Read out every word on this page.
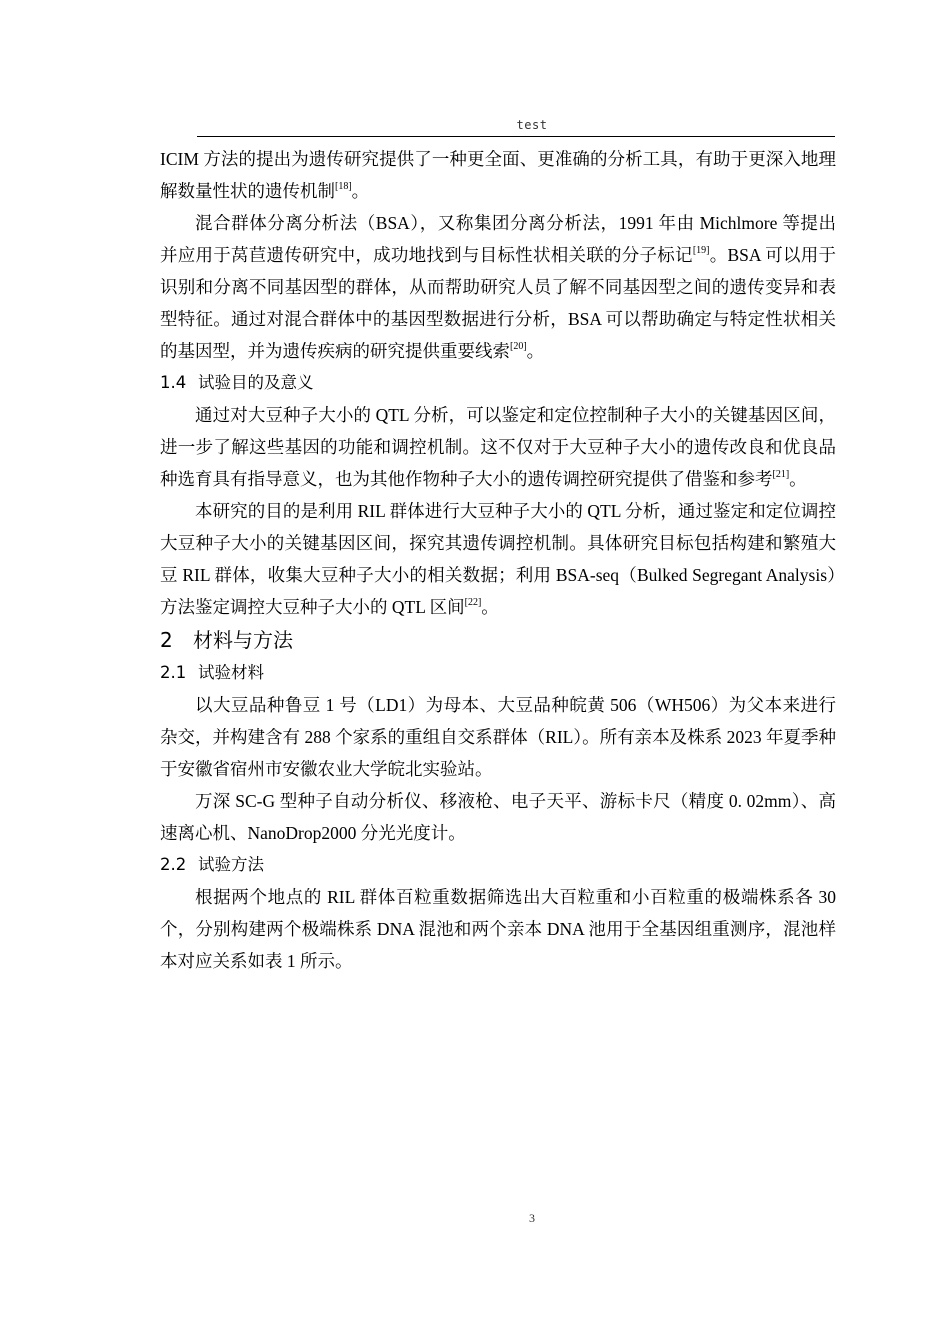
test

ICIM 方法的提出为遗传研究提供了一种更全面、更准确的分析工具，有助于更深入地理解数量性状的遗传机制[18]。

混合群体分离分析法（BSA），又称集团分离分析法，1991 年由 Michlmore 等提出并应用于莴苣遗传研究中，成功地找到与目标性状相关联的分子标记[19]。BSA 可以用于识别和分离不同基因型的群体，从而帮助研究人员了解不同基因型之间的遗传变异和表型特征。通过对混合群体中的基因型数据进行分析，BSA 可以帮助确定与特定性状相关的基因型，并为遗传疾病的研究提供重要线索[20]。

1.4 试验目的及意义

通过对大豆种子大小的 QTL 分析，可以鉴定和定位控制种子大小的关键基因区间，进一步了解这些基因的功能和调控机制。这不仅对于大豆种子大小的遗传改良和优良品种选育具有指导意义，也为其他作物种子大小的遗传调控研究提供了借鉴和参考[21]。

本研究的目的是利用 RIL 群体进行大豆种子大小的 QTL 分析，通过鉴定和定位调控大豆种子大小的关键基因区间，探究其遗传调控机制。具体研究目标包括构建和繁殖大豆 RIL 群体，收集大豆种子大小的相关数据；利用 BSA-seq（Bulked Segregant Analysis）方法鉴定调控大豆种子大小的 QTL 区间[22]。

2 材料与方法
2.1 试验材料

以大豆品种鲁豆 1 号（LD1）为母本、大豆品种皖黄 506（WH506）为父本来进行杂交，并构建含有 288 个家系的重组自交系群体（RIL）。所有亲本及株系 2023 年夏季种于安徽省宿州市安徽农业大学皖北实验站。

万深 SC-G 型种子自动分析仪、移液枪、电子天平、游标卡尺（精度 0. 02mm）、高速离心机、NanoDrop2000 分光光度计。

2.2 试验方法

根据两个地点的 RIL 群体百粒重数据筛选出大百粒重和小百粒重的极端株系各 30 个，分别构建两个极端株系 DNA 混池和两个亲本 DNA 池用于全基因组重测序，混池样本对应关系如表 1 所示。

3
